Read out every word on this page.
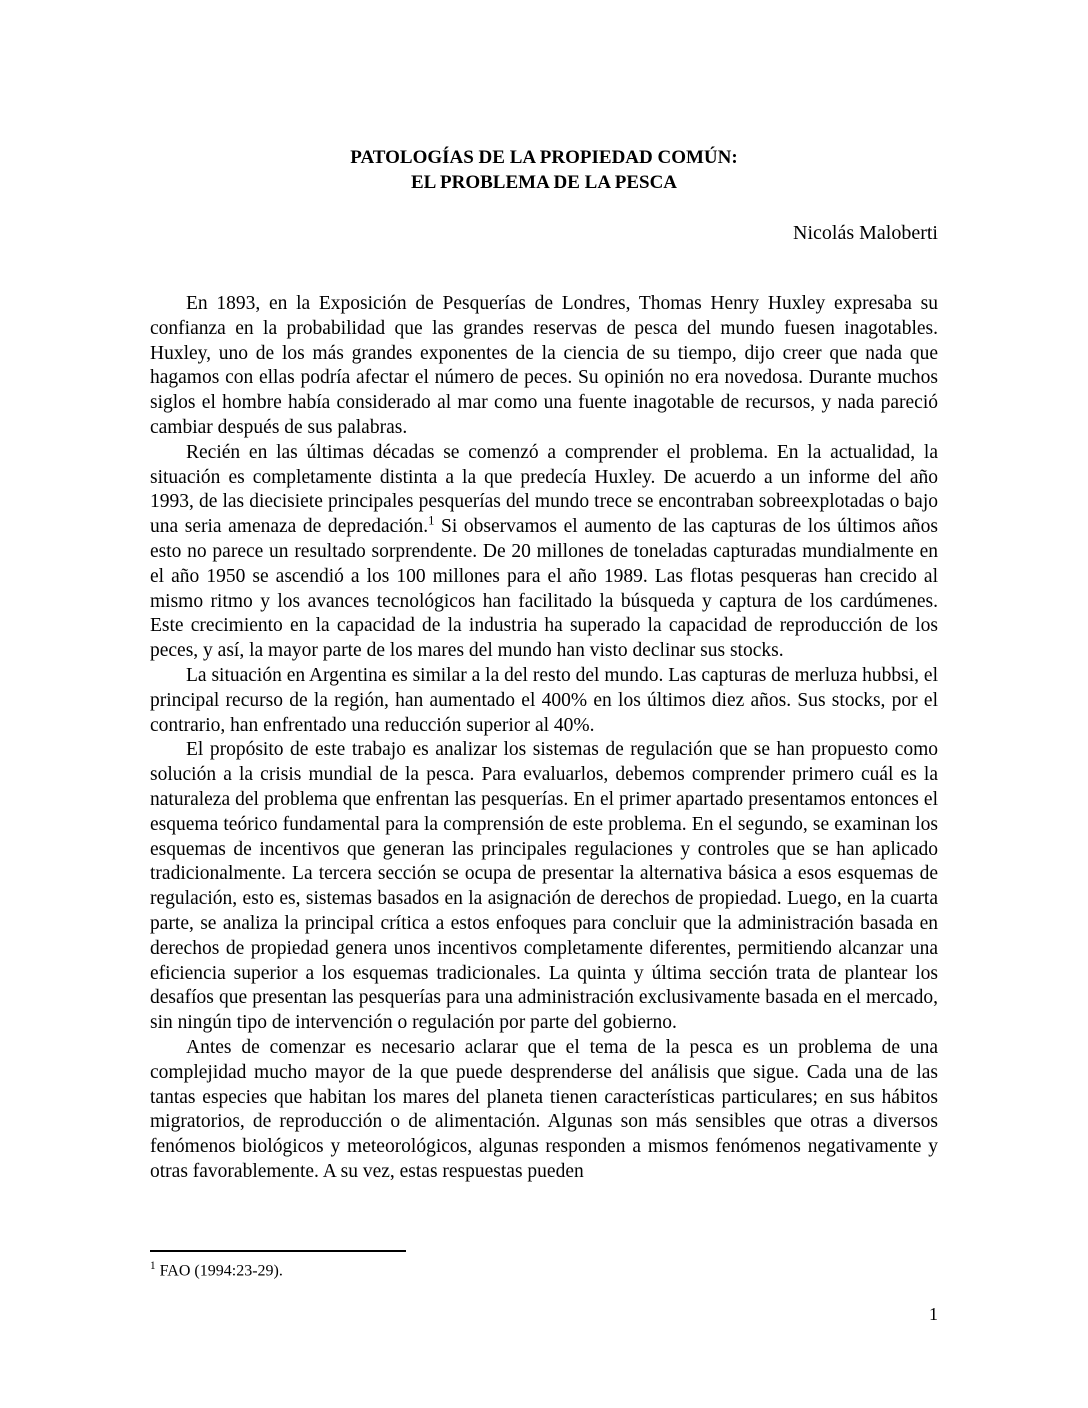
PATOLOGÍAS DE LA PROPIEDAD COMÚN:
EL PROBLEMA DE LA PESCA
Nicolás Maloberti

En 1893, en la Exposición de Pesquerías de Londres, Thomas Henry Huxley expresaba su confianza en la probabilidad que las grandes reservas de pesca del mundo fuesen inagotables. Huxley, uno de los más grandes exponentes de la ciencia de su tiempo, dijo creer que nada que hagamos con ellas podría afectar el número de peces. Su opinión no era novedosa. Durante muchos siglos el hombre había considerado al mar como una fuente inagotable de recursos, y nada pareció cambiar después de sus palabras.

Recién en las últimas décadas se comenzó a comprender el problema. En la actualidad, la situación es completamente distinta a la que predecía Huxley. De acuerdo a un informe del año 1993, de las diecisiete principales pesquerías del mundo trece se encontraban sobreexplotadas o bajo una seria amenaza de depredación.$^1$ Si observamos el aumento de las capturas de los últimos años esto no parece un resultado sorprendente. De 20 millones de toneladas capturadas mundialmente en el año 1950 se ascendió a los 100 millones para el año 1989. Las flotas pesqueras han crecido al mismo ritmo y los avances tecnológicos han facilitado la búsqueda y captura de los cardúmenes. Este crecimiento en la capacidad de la industria ha superado la capacidad de reproducción de los peces, y así, la mayor parte de los mares del mundo han visto declinar sus stocks.

La situación en Argentina es similar a la del resto del mundo. Las capturas de merluza hubbsi, el principal recurso de la región, han aumentado el 400% en los últimos diez años. Sus stocks, por el contrario, han enfrentado una reducción superior al 40%.

El propósito de este trabajo es analizar los sistemas de regulación que se han propuesto como solución a la crisis mundial de la pesca. Para evaluarlos, debemos comprender primero cuál es la naturaleza del problema que enfrentan las pesquerías. En el primer apartado presentamos entonces el esquema teórico fundamental para la comprensión de este problema. En el segundo, se examinan los esquemas de incentivos que generan las principales regulaciones y controles que se han aplicado tradicionalmente. La tercera sección se ocupa de presentar la alternativa básica a esos esquemas de regulación, esto es, sistemas basados en la asignación de derechos de propiedad. Luego, en la cuarta parte, se analiza la principal crítica a estos enfoques para concluir que la administración basada en derechos de propiedad genera unos incentivos completamente diferentes, permitiendo alcanzar una eficiencia superior a los esquemas tradicionales. La quinta y última sección trata de plantear los desafíos que presentan las pesquerías para una administración exclusivamente basada en el mercado, sin ningún tipo de intervención o regulación por parte del gobierno.

Antes de comenzar es necesario aclarar que el tema de la pesca es un problema de una complejidad mucho mayor de la que puede desprenderse del análisis que sigue. Cada una de las tantas especies que habitan los mares del planeta tienen características particulares; en sus hábitos migratorios, de reproducción o de alimentación. Algunas son más sensibles que otras a diversos fenómenos biológicos y meteorológicos, algunas responden a mismos fenómenos negativamente y otras favorablemente. A su vez, estas respuestas pueden

$^1$ FAO (1994:23-29).
1
